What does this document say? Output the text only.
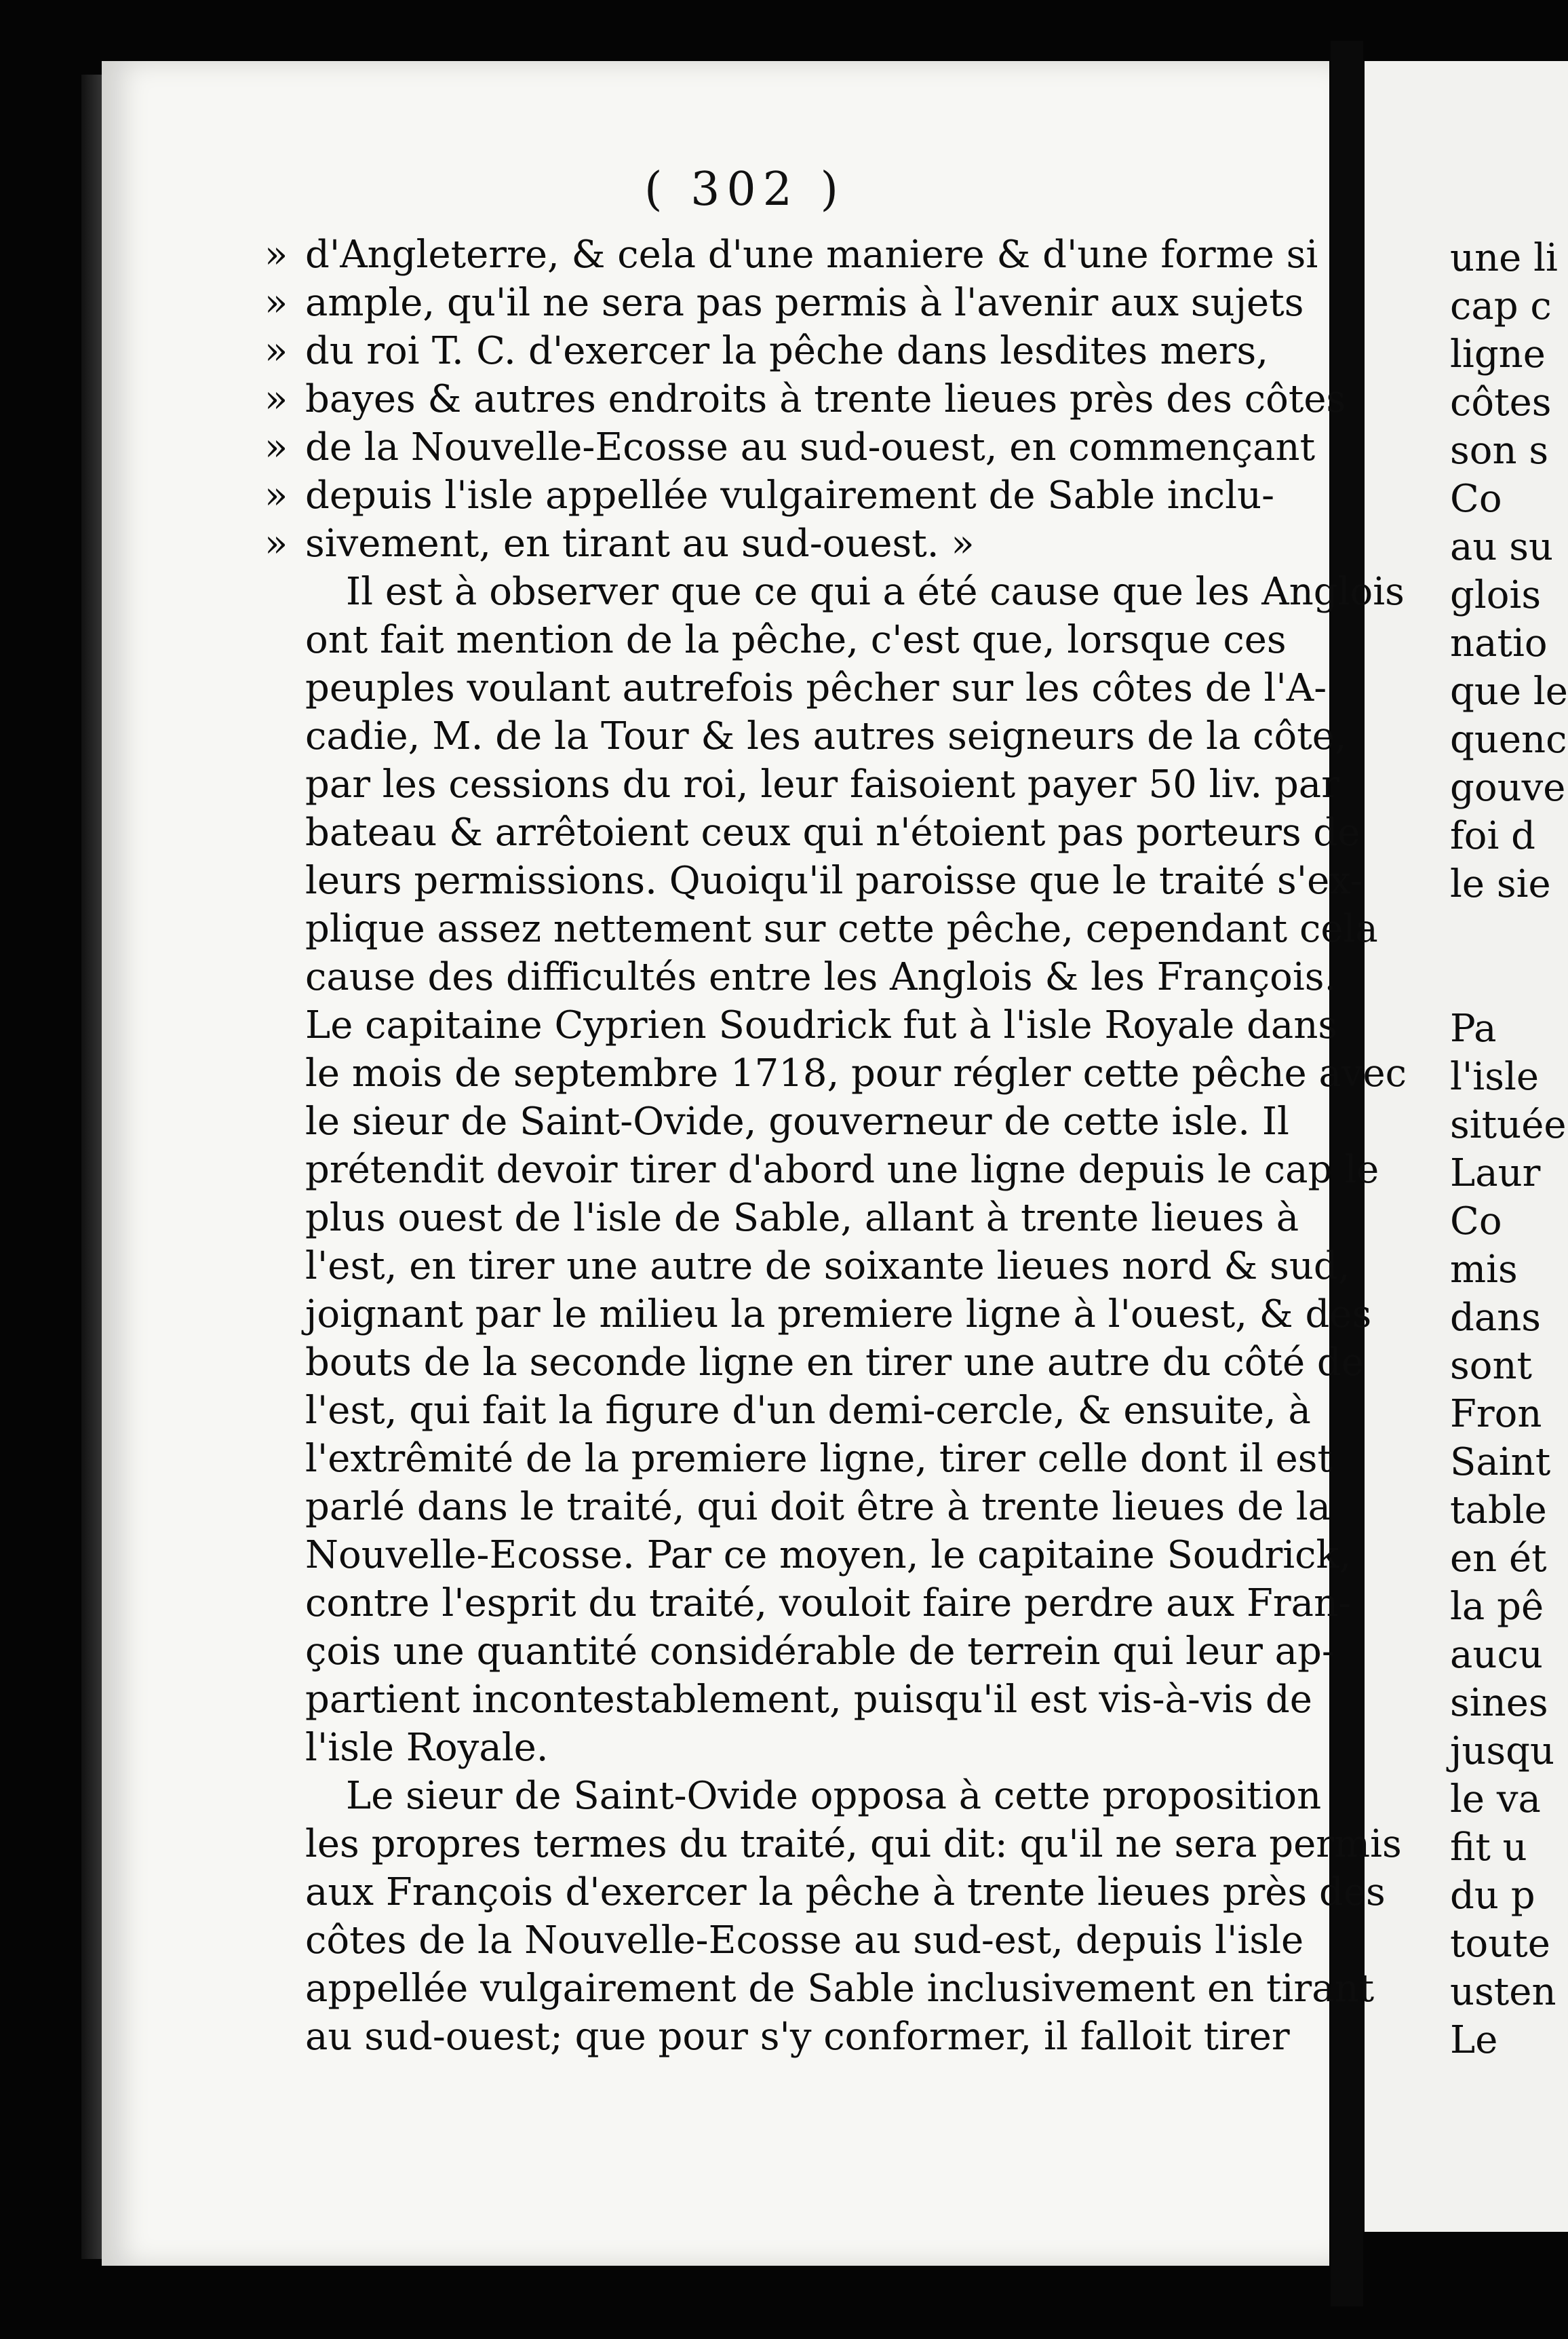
( 302 )
» d'Angleterre, & cela d'une maniere & d'une forme si
» ample, qu'il ne sera pas permis à l'avenir aux sujets
» du roi T. C. d'exercer la pêche dans lesdites mers,
» bayes & autres endroits à trente lieues près des côtes
» de la Nouvelle-Ecosse au sud-ouest, en commençant
» depuis l'isle appellée vulgairement de Sable inclu-
» sivement, en tirant au sud-ouest. »
Il est à observer que ce qui a été cause que les Anglois
ont fait mention de la pêche, c'est que, lorsque ces
peuples voulant autrefois pêcher sur les côtes de l'A-
cadie, M. de la Tour & les autres seigneurs de la côte,
par les cessions du roi, leur faisoient payer 50 liv. par
bateau & arrêtoient ceux qui n'étoient pas porteurs de
leurs permissions. Quoiqu'il paroisse que le traité s'ex-
plique assez nettement sur cette pêche, cependant cela
cause des difficultés entre les Anglois & les François.
Le capitaine Cyprien Soudrick fut à l'isle Royale dans
le mois de septembre 1718, pour régler cette pêche avec
le sieur de Saint-Ovide, gouverneur de cette isle. Il
prétendit devoir tirer d'abord une ligne depuis le cap le
plus ouest de l'isle de Sable, allant à trente lieues à
l'est, en tirer une autre de soixante lieues nord & sud,
joignant par le milieu la premiere ligne à l'ouest, & des
bouts de la seconde ligne en tirer une autre du côté de
l'est, qui fait la figure d'un demi-cercle, & ensuite, à
l'extrêmité de la premiere ligne, tirer celle dont il est
parlé dans le traité, qui doit être à trente lieues de la
Nouvelle-Ecosse. Par ce moyen, le capitaine Soudrick,
contre l'esprit du traité, vouloit faire perdre aux Fran-
çois une quantité considérable de terrein qui leur ap-
partient incontestablement, puisqu'il est vis-à-vis de
l'isle Royale.
Le sieur de Saint-Ovide opposa à cette proposition
les propres termes du traité, qui dit: qu'il ne sera permis
aux François d'exercer la pêche à trente lieues près des
côtes de la Nouvelle-Ecosse au sud-est, depuis l'isle
appellée vulgairement de Sable inclusivement en tirant
au sud-ouest; que pour s'y conformer, il falloit tirer
une li
cap c
ligne
côtes
son s
Co
au su
glois
natio
que le
quenc
gouve
foi d
le sie
Pa
l'isle
située
Laur
Co
mis
dans
sont
Fron
Saint
table
en ét
la pê
aucu
sines
jusqu
le va
fit u
du p
toute
usten
Le
